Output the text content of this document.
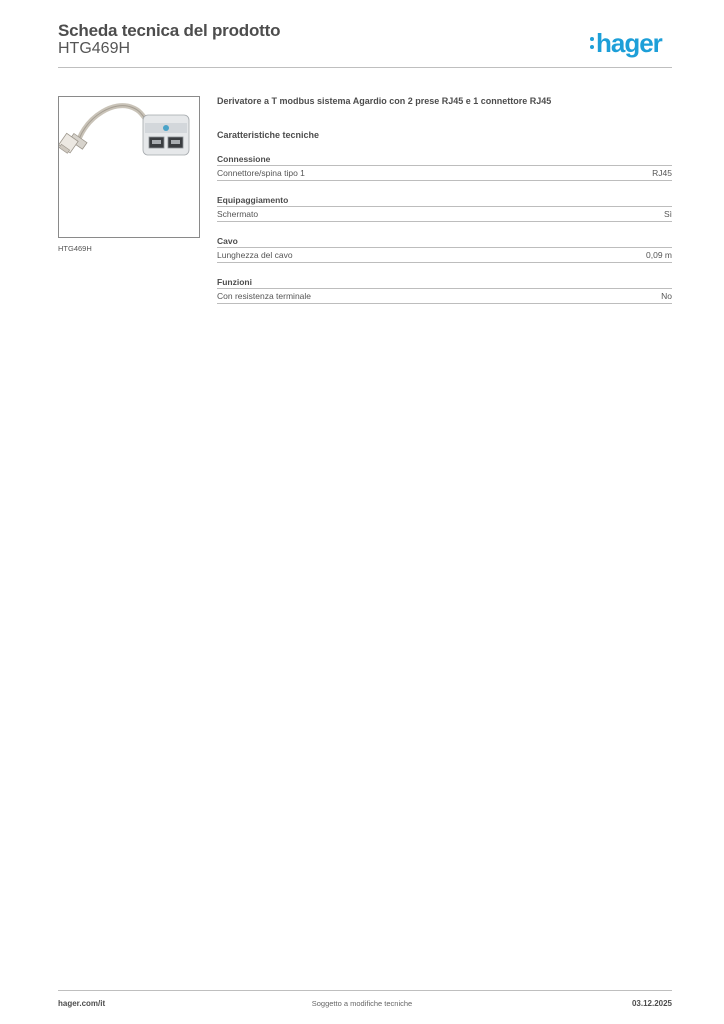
Scheda tecnica del prodotto
HTG469H	hager
HTG469H
Derivatore a T modbus sistema Agardio con 2 prese RJ45 e 1 connettore RJ45
Caratteristiche tecniche
Connessione
Connettore/spina tipo 1	RJ45
Equipaggiamento
Schermato	Sì
Cavo
Lunghezza del cavo	0,09 m
Funzioni
Con resistenza terminale	No
hager.com/it	Soggetto a modifiche tecniche	03.12.2025
